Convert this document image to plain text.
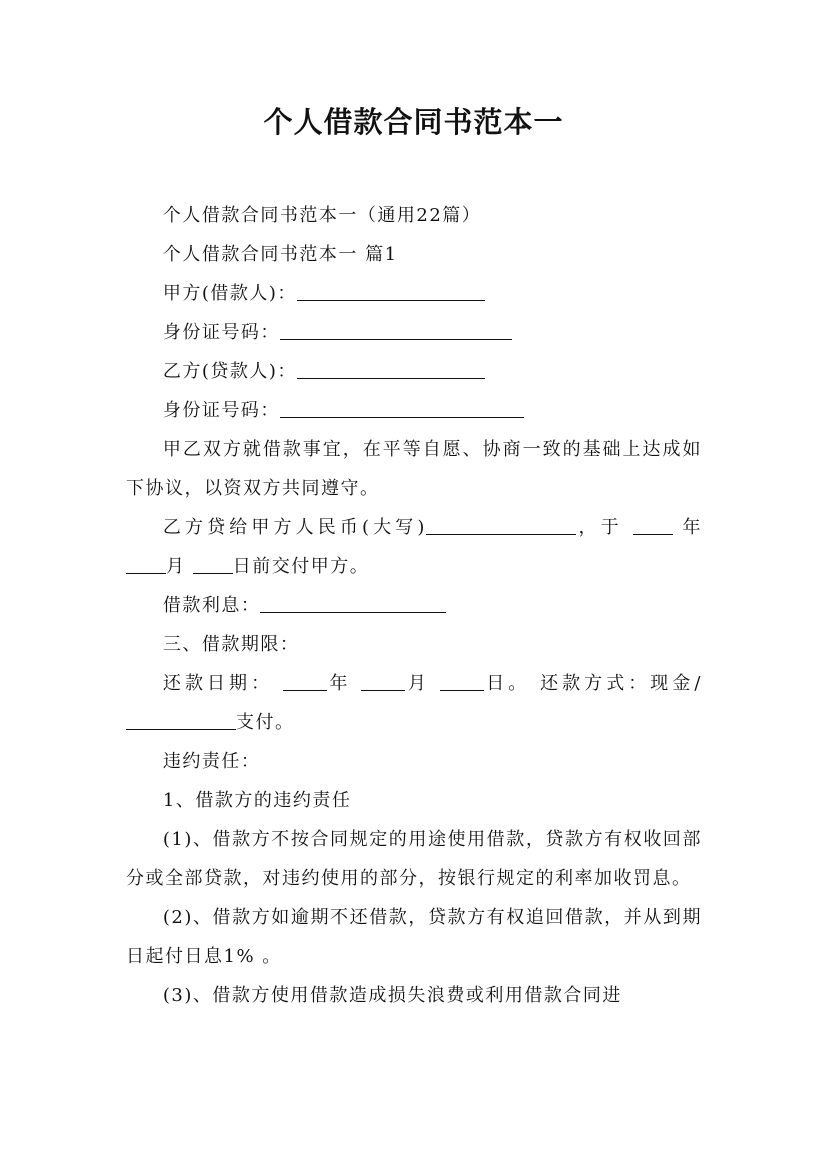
个人借款合同书范本一

个人借款合同书范本一（通用22篇）

个人借款合同书范本一 篇1

甲方(借款人)：

身份证号码：

乙方(贷款人)：

身份证号码：

甲乙双方就借款事宜，在平等自愿、协商一致的基础上达成如下协议，以资双方共同遵守。

乙方贷给甲方人民币(大写)	，于	年 月 日前交付甲方。

借款利息：

三、借款期限：

还款日期： 年 月 日。 还款方式：现金/支付。

违约责任：

1、借款方的违约责任

(1)、借款方不按合同规定的用途使用借款，贷款方有权收回部分或全部贷款，对违约使用的部分，按银行规定的利率加收罚息。

(2)、借款方如逾期不还借款，贷款方有权追回借款，并从到期日起付日息1% 。

(3)、借款方使用借款造成损失浪费或利用借款合同进
